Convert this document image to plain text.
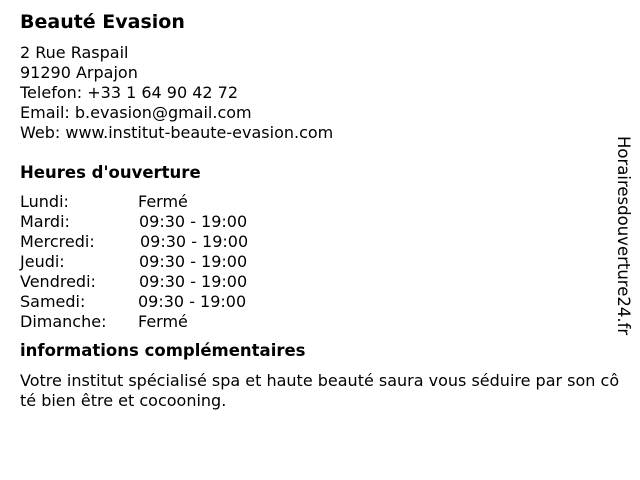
Beauté Evasion
2 Rue Raspail
91290 Arpajon
Telefon: +33 1 64 90 42 72
Email: b.evasion@gmail.com
Web: www.institut-beaute-evasion.com
Heures d'ouverture
Lundi:	Fermé
Mardi:	09:30 - 19:00
Mercredi:	09:30 - 19:00
Jeudi:	09:30 - 19:00
Vendredi:	09:30 - 19:00
Samedi:	09:30 - 19:00
Dimanche: Fermé
informations complémentaires
Votre institut spécialisé spa et haute beauté saura vous séduire par son côté bien être et cocooning.
Horairesdouverture24.fr
